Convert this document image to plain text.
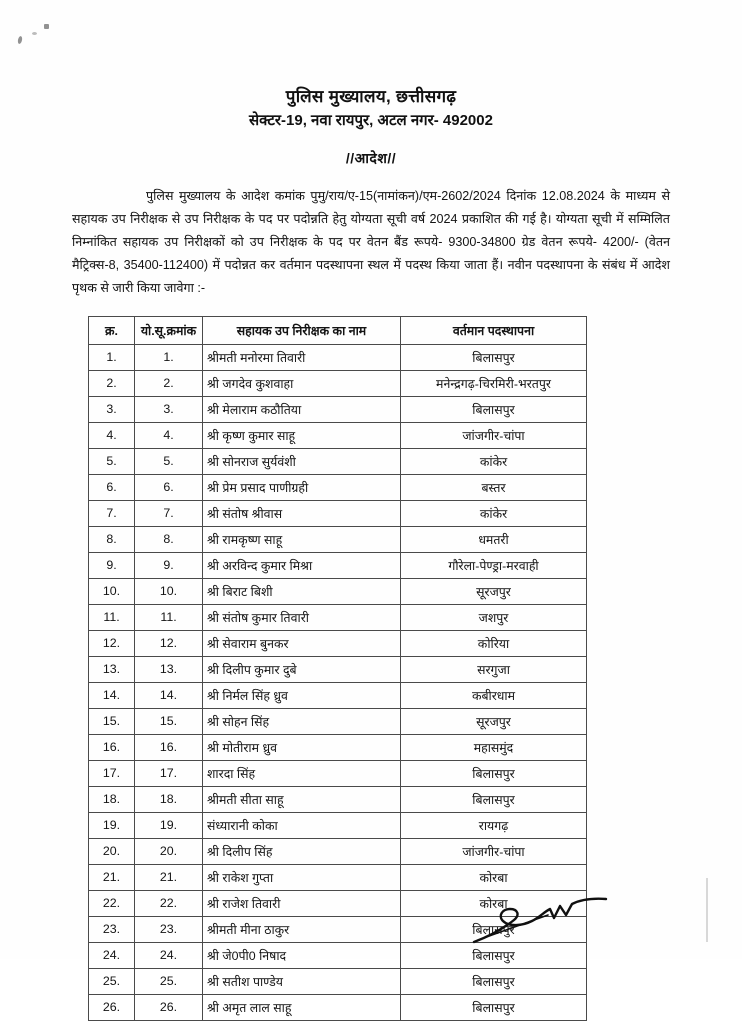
पुलिस मुख्यालय, छत्तीसगढ़
सेक्टर-19, नवा रायपुर, अटल नगर- 492002
//आदेश//

पुलिस मुख्यालय के आदेश कमांक पुमु/राय/ए-15(नामांकन)/एम-2602/2024 दिनांक 12.08.2024 के माध्यम से सहायक उप निरीक्षक से उप निरीक्षक के पद पर पदोन्नति हेतु योग्यता सूची वर्ष 2024 प्रकाशित की गई है। योग्यता सूची में सम्मिलित निम्नांकित सहायक उप निरीक्षकों को उप निरीक्षक के पद पर वेतन बैंड रूपये- 9300-34800 ग्रेड वेतन रूपये- 4200/- (वेतन मैट्रिक्स-8, 35400-112400) में पदोन्नत कर वर्तमान पदस्थापना स्थल में पदस्थ किया जाता हैं। नवीन पदस्थापना के संबंध में आदेश पृथक से जारी किया जावेगा :-

क्र.	यो.सू.क्रमांक	सहायक उप निरीक्षक का नाम	वर्तमान पदस्थापना
1.	1.	श्रीमती मनोरमा तिवारी	बिलासपुर
2.	2.	श्री जगदेव कुशवाहा	मनेन्द्रगढ़-चिरमिरी-भरतपुर
3.	3.	श्री मेलाराम कठौतिया	बिलासपुर
4.	4.	श्री कृष्ण कुमार साहू	जांजगीर-चांपा
5.	5.	श्री सोनराज सुर्यवंशी	कांकेर
6.	6.	श्री प्रेम प्रसाद पाणीग्रही	बस्तर
7.	7.	श्री संतोष श्रीवास	कांकेर
8.	8.	श्री रामकृष्ण साहू	धमतरी
9.	9.	श्री अरविन्द कुमार मिश्रा	गौरेला-पेण्ड्रा-मरवाही
10.	10.	श्री बिराट बिशी	सूरजपुर
11.	11.	श्री संतोष कुमार तिवारी	जशपुर
12.	12.	श्री सेवाराम बुनकर	कोरिया
13.	13.	श्री दिलीप कुमार दुबे	सरगुजा
14.	14.	श्री निर्मल सिंह ध्रुव	कबीरधाम
15.	15.	श्री सोहन सिंह	सूरजपुर
16.	16.	श्री मोतीराम ध्रुव	महासमुंद
17.	17.	शारदा सिंह	बिलासपुर
18.	18.	श्रीमती सीता साहू	बिलासपुर
19.	19.	संध्यारानी कोका	रायगढ़
20.	20.	श्री दिलीप सिंह	जांजगीर-चांपा
21.	21.	श्री राकेश गुप्ता	कोरबा
22.	22.	श्री राजेश तिवारी	कोरबा
23.	23.	श्रीमती मीना ठाकुर	बिलासपुर
24.	24.	श्री जे0पी0 निषाद	बिलासपुर
25.	25.	श्री सतीश पाण्डेय	बिलासपुर
26.	26.	श्री अमृत लाल साहू	बिलासपुर
